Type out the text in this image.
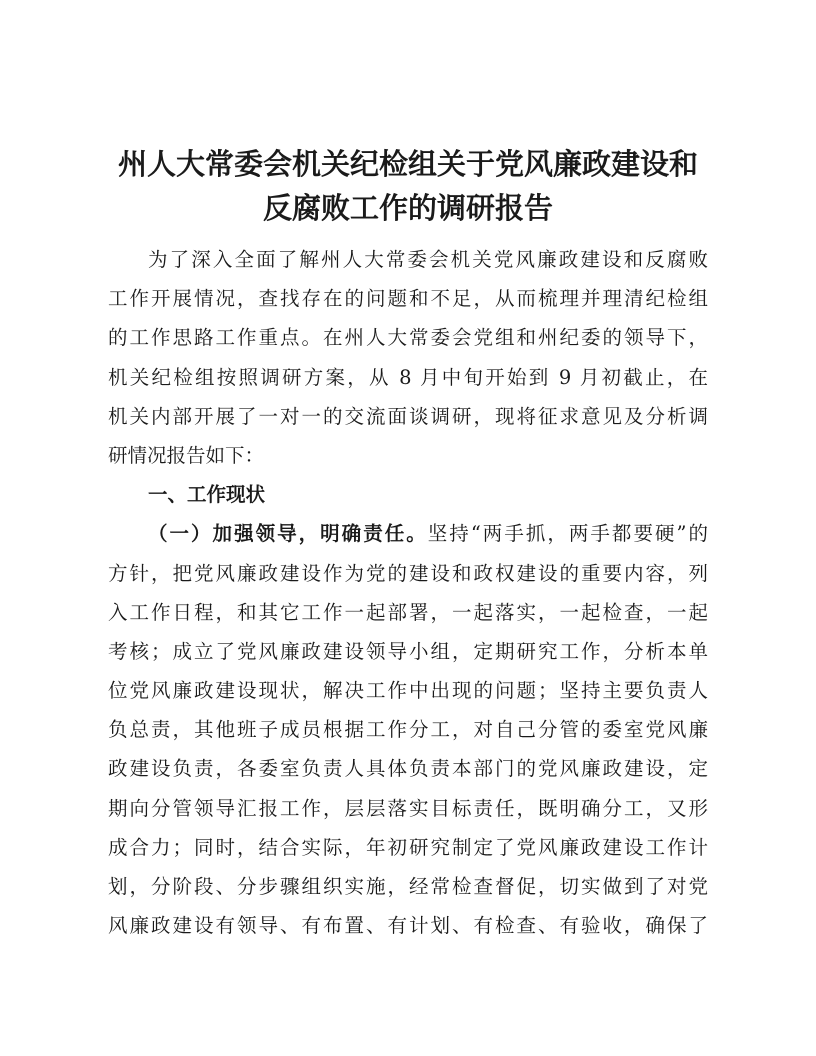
州人大常委会机关纪检组关于党风廉政建设和
反腐败工作的调研报告
为了深入全面了解州人大常委会机关党风廉政建设和反腐败
工作开展情况，查找存在的问题和不足，从而梳理并理清纪检组
的工作思路工作重点。在州人大常委会党组和州纪委的领导下，
机关纪检组按照调研方案，从 8 月中旬开始到 9 月初截止，在
机关内部开展了一对一的交流面谈调研，现将征求意见及分析调
研情况报告如下：
一、工作现状
（一）加强领导，明确责任。坚持“两手抓，两手都要硬”的
方针，把党风廉政建设作为党的建设和政权建设的重要内容，列
入工作日程，和其它工作一起部署，一起落实，一起检查，一起
考核；成立了党风廉政建设领导小组，定期研究工作，分析本单
位党风廉政建设现状，解决工作中出现的问题；坚持主要负责人
负总责，其他班子成员根据工作分工，对自己分管的委室党风廉
政建设负责，各委室负责人具体负责本部门的党风廉政建设，定
期向分管领导汇报工作，层层落实目标责任，既明确分工，又形
成合力；同时，结合实际，年初研究制定了党风廉政建设工作计
划，分阶段、分步骤组织实施，经常检查督促，切实做到了对党
风廉政建设有领导、有布置、有计划、有检查、有验收，确保了
